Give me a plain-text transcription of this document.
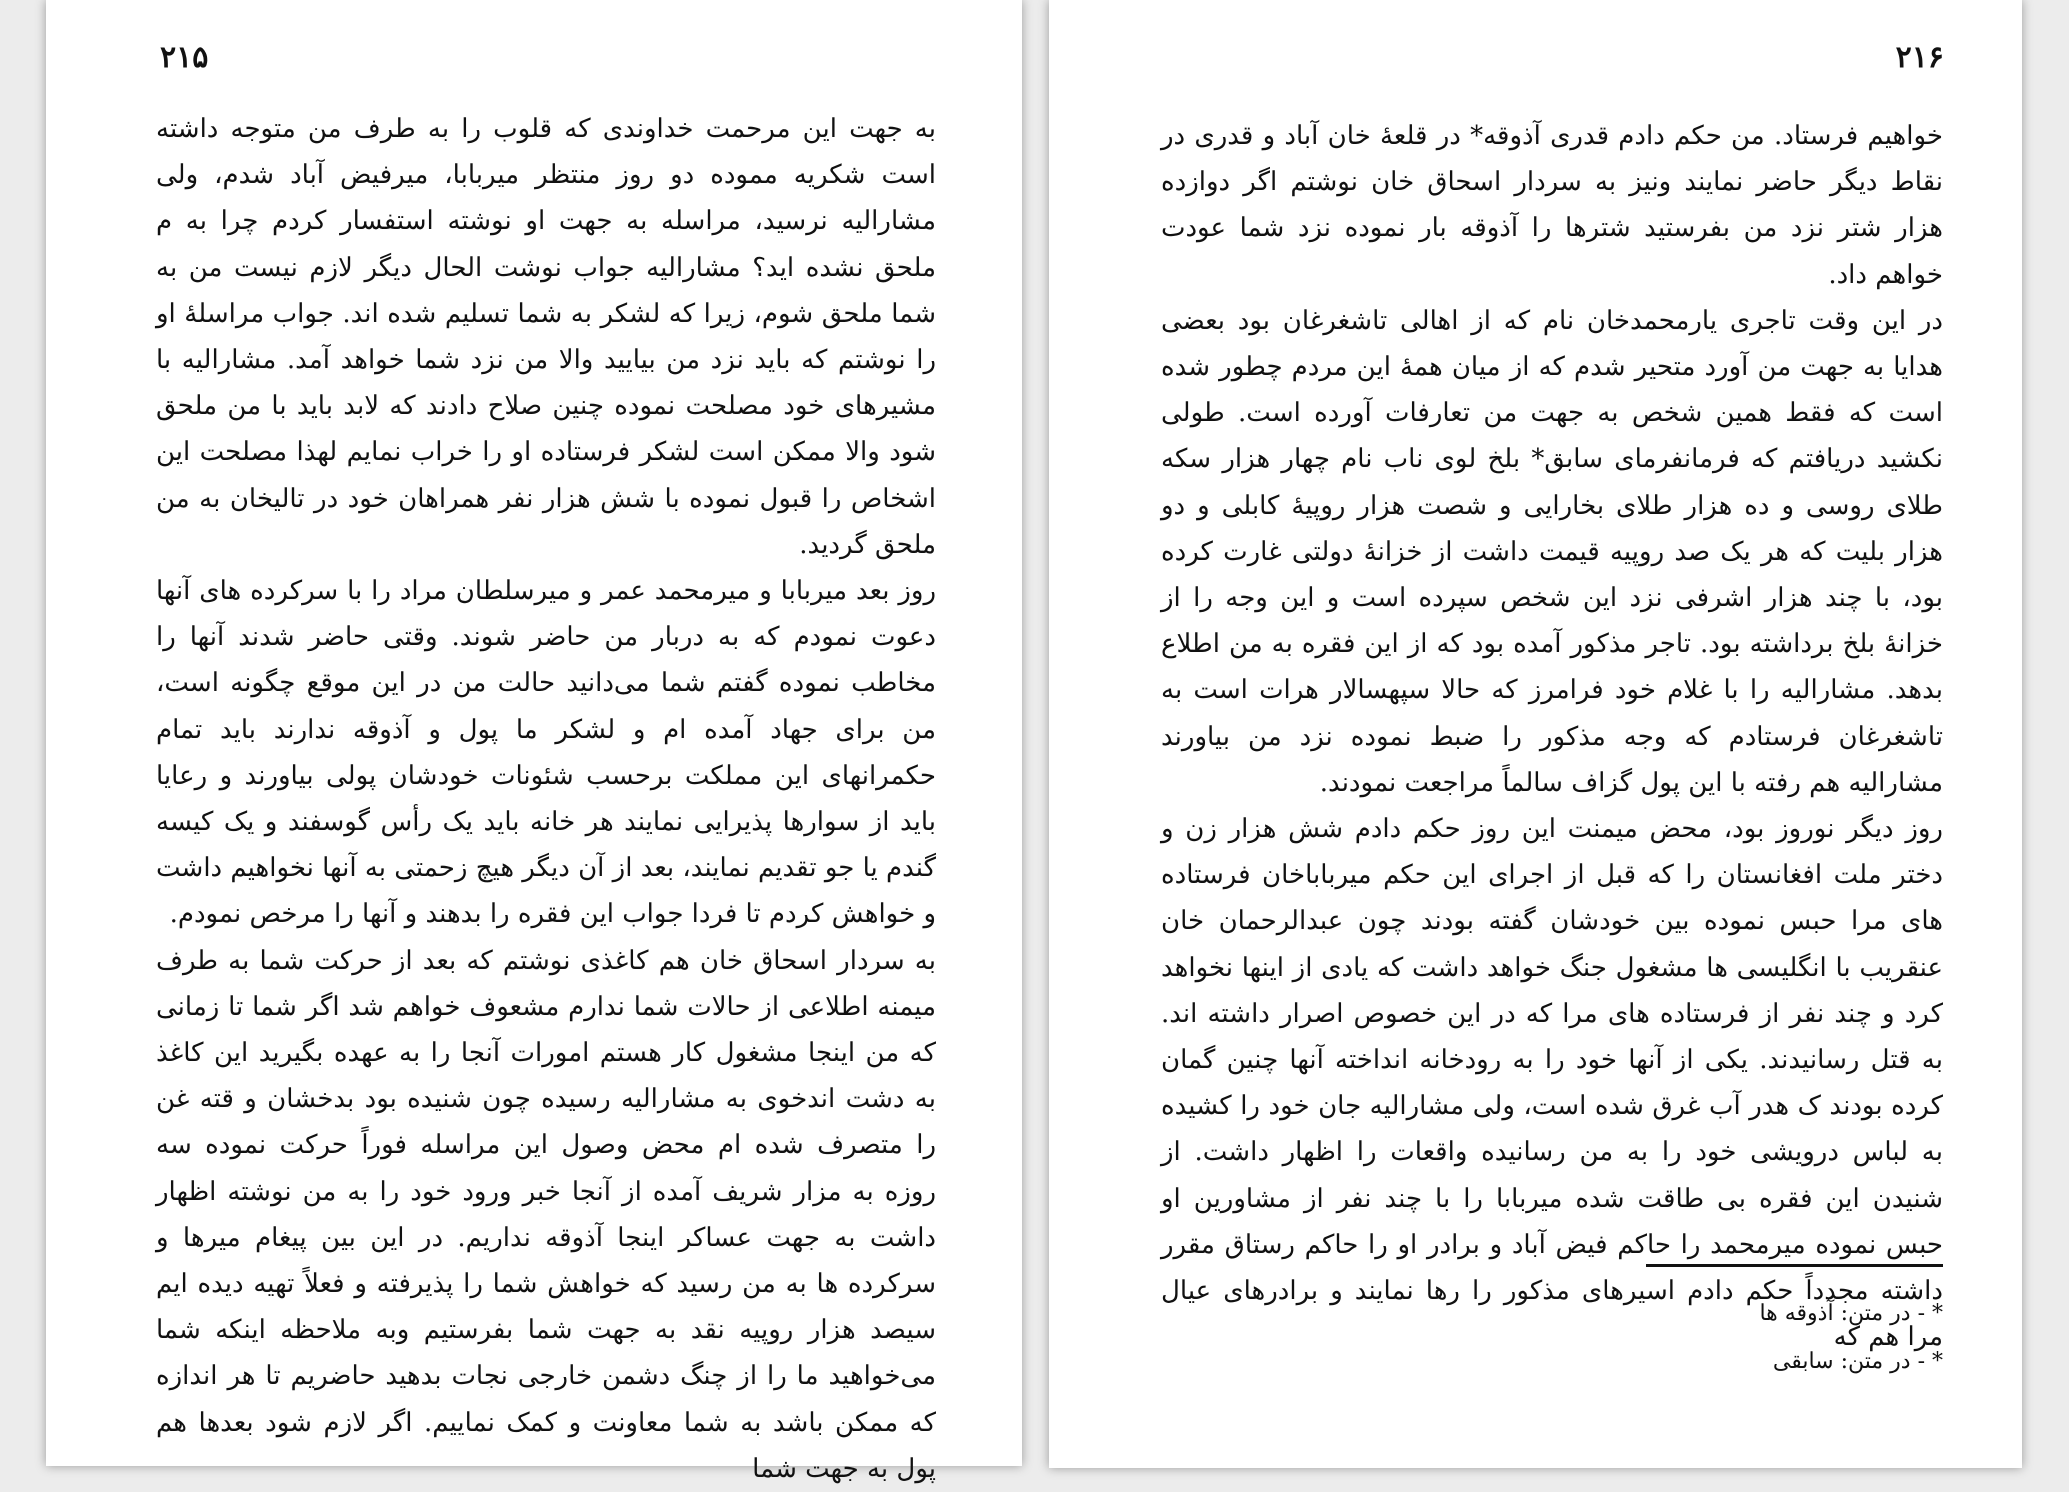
۲۱۵

به جهت این مرحمت خداوندی که قلوب را به طرف من متوجه داشته است شکریه مموده دو روز منتظر میربابا، میرفیض آباد شدم، ولی مشارالیه نرسید، مراسله به جهت او نوشته استفسار کردم چرا به م ملحق نشده اید؟ مشارالیه جواب نوشت الحال دیگر لازم نیست من به شما ملحق شوم، زیرا که لشکر به شما تسلیم شده اند. جواب مراسلهٔ او را نوشتم که باید نزد من بیایید والا من نزد شما خواهد آمد. مشارالیه با مشیرهای خود مصلحت نموده چنین صلاح دادند که لابد باید با من ملحق شود والا ممکن است لشکر فرستاده او را خراب نمایم لهذا مصلحت این اشخاص را قبول نموده با شش هزار نفر همراهان خود در تالیخان به من ملحق گردید.

روز بعد میربابا و میرمحمد عمر و میرسلطان مراد را با سرکرده های آنها دعوت نمودم که به دربار من حاضر شوند. وقتی حاضر شدند آنها را مخاطب نموده گفتم شما می‌دانید حالت من در این موقع چگونه است، من برای جهاد آمده ام و لشکر ما پول و آذوقه ندارند باید تمام حکمرانهای این مملکت برحسب شئونات خودشان پولی بیاورند و رعایا باید از سوارها پذیرایی نمایند هر خانه باید یک رأس گوسفند و یک کیسه گندم یا جو تقدیم نمایند، بعد از آن دیگر هیچ زحمتی به آنها نخواهیم داشت و خواهش کردم تا فردا جواب این فقره را بدهند و آنها را مرخص نمودم.

به سردار اسحاق خان هم کاغذی نوشتم که بعد از حرکت شما به طرف میمنه اطلاعی از حالات شما ندارم مشعوف خواهم شد اگر شما تا زمانی که من اینجا مشغول کار هستم امورات آنجا را به عهده بگیرید این کاغذ به دشت اندخوی به مشارالیه رسیده چون شنیده بود بدخشان و قته غن را متصرف شده ام محض وصول این مراسله فوراً حرکت نموده سه روزه به مزار شریف آمده از آنجا خبر ورود خود را به من نوشته اظهار داشت به جهت عساکر اینجا آذوقه نداریم. در این بین پیغام میرها و سرکرده ها به من رسید که خواهش شما را پذیرفته و فعلاً تهیه دیده ایم سیصد هزار روپیه نقد به جهت شما بفرستیم وبه ملاحظه اینکه شما می‌خواهید ما را از چنگ دشمن خارجی نجات بدهید حاضریم تا هر اندازه که ممکن باشد به شما معاونت و کمک نماییم. اگر لازم شود بعدها هم پول به جهت شما

۲۱۶

خواهیم فرستاد. من حکم دادم قدری آذوقه* در قلعهٔ خان آباد و قدری در نقاط دیگر حاضر نمایند ونیز به سردار اسحاق خان نوشتم اگر دوازده هزار شتر نزد من بفرستید شترها را آذوقه بار نموده نزد شما عودت خواهم داد.

در این وقت تاجری یارمحمدخان نام که از اهالی تاشغرغان بود بعضی هدایا به جهت من آورد متحیر شدم که از میان همهٔ این مردم چطور شده است که فقط همین شخص به جهت من تعارفات آورده است. طولی نکشید دریافتم که فرمانفرمای سابق* بلخ لوی ناب نام چهار هزار سکه طلای روسی و ده هزار طلای بخارایی و شصت هزار روپیهٔ کابلی و دو هزار بلیت که هر یک صد روپیه قیمت داشت از خزانهٔ دولتی غارت کرده بود، با چند هزار اشرفی نزد این شخص سپرده است و این وجه را از خزانهٔ بلخ برداشته بود. تاجر مذکور آمده بود که از این فقره به من اطلاع بدهد. مشارالیه را با غلام خود فرامرز که حالا سپهسالار هرات است به تاشغرغان فرستادم که وجه مذکور را ضبط نموده نزد من بیاورند مشارالیه هم رفته با این پول گزاف سالماً مراجعت نمودند.

روز دیگر نوروز بود، محض میمنت این روز حکم دادم شش هزار زن و دختر ملت افغانستان را که قبل از اجرای این حکم میرباباخان فرستاده های مرا حبس نموده بین خودشان گفته بودند چون عبدالرحمان خان عنقریب با انگلیسی ها مشغول جنگ خواهد داشت که یادی از اینها نخواهد کرد و چند نفر از فرستاده های مرا که در این خصوص اصرار داشته اند. به قتل رسانیدند. یکی از آنها خود را به رودخانه انداخته آنها چنین گمان کرده بودند ک هدر آب غرق شده است، ولی مشارالیه جان خود را کشیده به لباس درویشی خود را به من رسانیده واقعات را اظهار داشت. از شنیدن این فقره بی طاقت شده میربابا را با چند نفر از مشاورین او حبس نموده میرمحمد را حاکم فیض آباد و برادر او را حاکم رستاق مقرر داشته مجدداً حکم دادم اسیرهای مذکور را رها نمایند و برادرهای عیال مرا هم که

* - در متن: آذوقه ها

* - در متن: سابقی
